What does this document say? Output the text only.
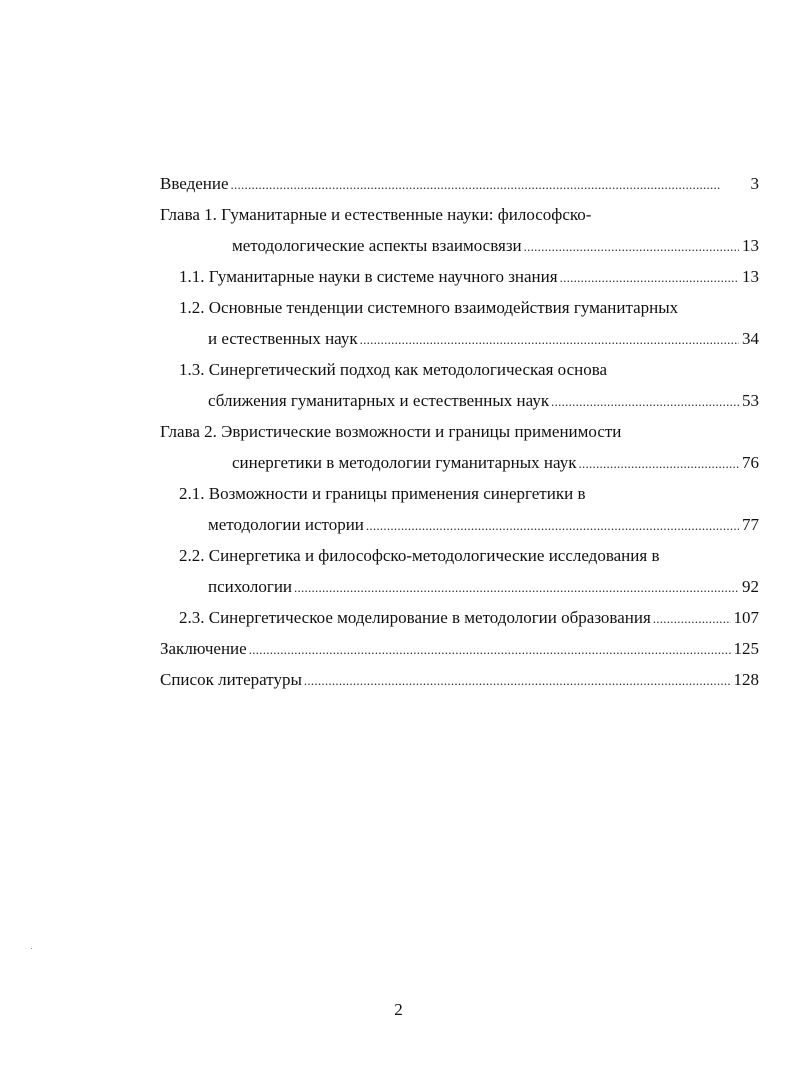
Введение . . .	3
Глава 1. Гуманитарные и естественные науки: философско-
методологические аспекты взаимосвязи . . .	13
1.1. Гуманитарные науки в системе научного знания . . .	13
1.2. Основные тенденции системного взаимодействия гуманитарных
и естественных наук . . .	34
1.3. Синергетический подход как методологическая основа
сближения гуманитарных и естественных наук . . .	53
Глава 2. Эвристические возможности и границы применимости
синергетики в методологии гуманитарных наук . . .	76
2.1. Возможности и границы применения синергетики в
методологии истории . . .	77
2.2. Синергетика и философско-методологические исследования в
психологии . . .	92
2.3. Синергетическое моделирование в методологии образования . . .	107
Заключение . . .	125
Список литературы . . .	128
2
